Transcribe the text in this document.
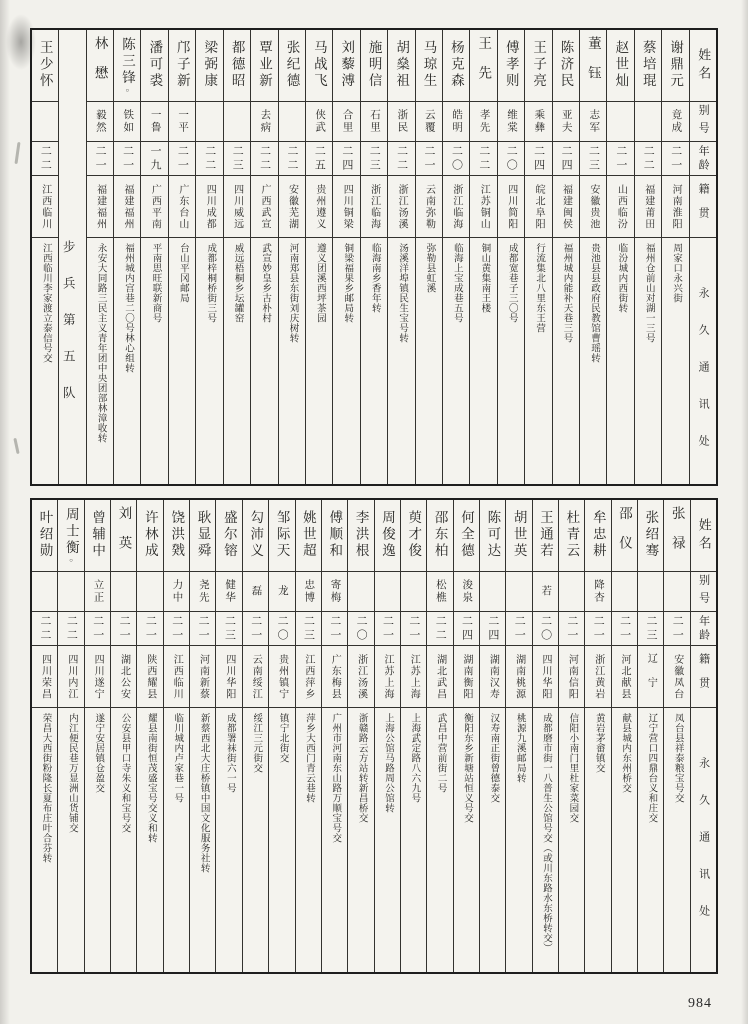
姓名
别号
年龄
籍贯
永久通讯处
谢鼎元
竟成
二一
河南淮阳
周家口永兴街
蔡培琨
二二
福建莆田
福州仓前山对湖一三号
赵世灿
二一
山西临汾
临汾城内西街转
董钰
志军
二三
安徽贵池
贵池县县政府民教馆曹瑶转
陈济民
亚夫
二四
福建闽侯
福州城内能补天巷三号
王子亮
乘彝
二四
皖北阜阳
行流集北八里东王营
傅孝则
维棠
二〇
四川简阳
成都宽巷子三〇号
王先
孝先
二二
江苏铜山
铜山黄集南王楼
杨克森
皓明
二〇
浙江临海
临海上宝成巷五号
马琼生
云覆
二一
云南弥勒
弥勒县虹溪
胡燊祖
浙民
二二
浙江汤溪
汤溪洋埠镇民生宝号转
施明信
石里
二三
浙江临海
临海南乡香年转
刘藜溥
合里
二四
四川铜梁
铜梁福果乡邮局转
马战飞
侠武
二五
贵州遵义
遵义团溪西坪茶园
张纪德
二二
安徽芜湖
河南郑县东街刘庆树转
覃业新
去病
二二
广西武宣
武宣妙皇乡古朴村
都德昭
二三
四川威远
威远梧桐乡坛罐窑
梁弼康
二二
四川成都
成都梓桐桥街三号
邝子新
一平
二一
广东台山
台山平冈邮局
潘可裘
一鲁
一九
广西平南
平南思旺联新商号
陈三锋
○
铁如
二一
福建福州
福州城内宫巷二〇号林心组转
林懋
毅然
二一
福建福州
永安大同路三民主义青年团中央团部林漳收转
步兵第五队
王少怀
二二
江西临川
江西临川李家渡立泰信号交
姓名
别号
年龄
籍贯
永久通讯处
张禄
二一
安徽凤台
凤台县祥泰粮宝号交
张绍骞
二三
辽宁
辽宁营口四鼎台义和庄交
邵仪
二一
河北献县
献县城内东州桥交
牟忠耕
降杏
二一
浙江黄岩
黄岩茅畲镇交
杜青云
二一
河南信阳
信阳小南门里杜家菜园交
王通若
若
二〇
四川华阳
成都磨市街一八普生公馆号交（或川东路水东桥转交）
胡世英
二一
湖南桃源
桃源九溪邮局转
陈可达
二四
湖南汉寿
汉寿南正街曾德泰交
何全德
浚泉
二四
湖南衡阳
衡阳东乡新塘站恒义号交
邵东柏
松樵
二二
湖北武昌
武昌中营前街二号
萸才俊
二一
江苏上海
上海武定路八六九号
周俊逸
二一
江苏上海
上海公馆马路周公馆转
李洪根
二〇
浙江汤溪
浙赣路云方站转新昌桥交
傅顺和
寄梅
二一
广东梅县
广州市河南东山路万顺宝号交
姚世超
忠博
二三
江西萍乡
萍乡大西门青云巷转
邹际天
龙
二〇
贵州镇宁
镇宁北街交
勾沛义
磊
二一
云南绥江
绥江三元街交
盛尔镕
健华
二三
四川华阳
成都署袜街六一号
耿显舜
尧先
二一
河南新蔡
新蔡西北大庄桥镇中国文化服务社转
饶洪戣
力中
二一
江西临川
临川城内卢家巷一号
许林成
二一
陕西耀县
耀县南街恒茂盛宝号交义和转
刘英
二一
湖北公安
公安县甲口寺朱义和宝号交
曾辅中
立正
二一
四川遂宁
遂宁安居镇仓盈交
周士衡
○
二二
四川内江
内江便民巷万显洲山货铺交
叶绍勋
二二
四川荣昌
荣昌大西街粉隆长夏布庄叶合芬转
984
